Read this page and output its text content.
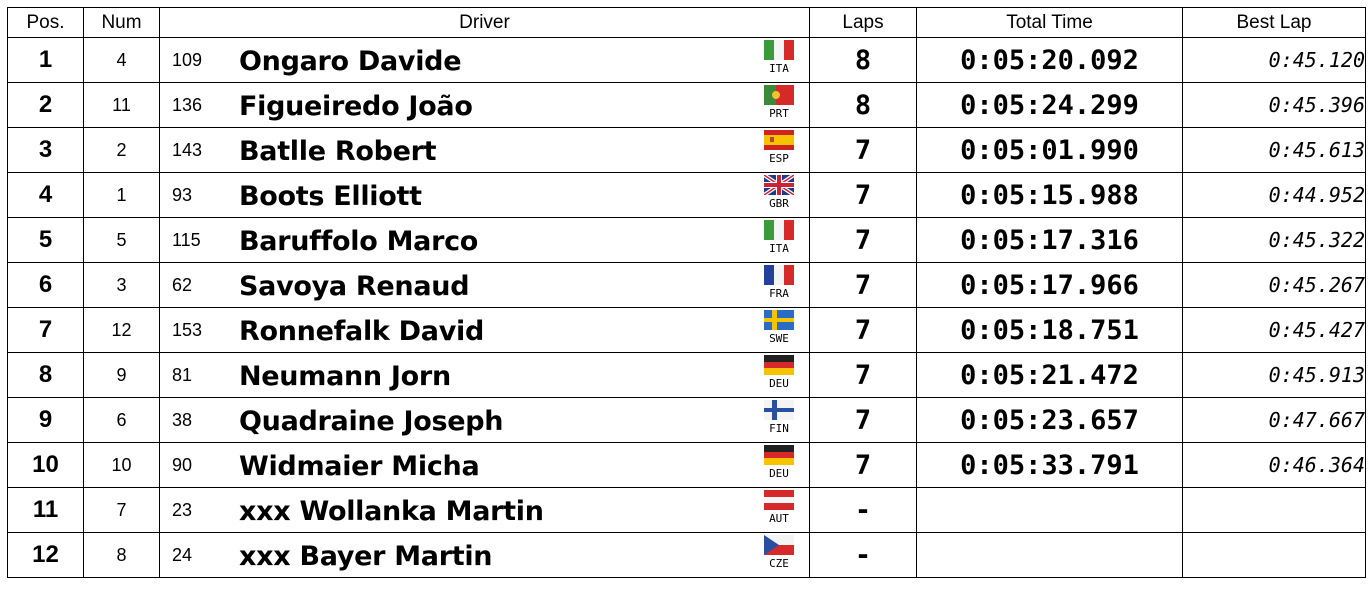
Pos.	Num	Driver	Laps	Total Time	Best Lap
1	4	109 Ongaro Davide ITA	8	0:05:20.092	0:45.120
2	11	136 Figueiredo João PRT	8	0:05:24.299	0:45.396
3	2	143 Batlle Robert ESP	7	0:05:01.990	0:45.613
4	1	93 Boots Elliott GBR	7	0:05:15.988	0:44.952
5	5	115 Baruffolo Marco ITA	7	0:05:17.316	0:45.322
6	3	62 Savoya Renaud FRA	7	0:05:17.966	0:45.267
7	12	153 Ronnefalk David SWE	7	0:05:18.751	0:45.427
8	9	81 Neumann Jorn DEU	7	0:05:21.472	0:45.913
9	6	38 Quadraine Joseph FIN	7	0:05:23.657	0:47.667
10	10	90 Widmaier Micha DEU	7	0:05:33.791	0:46.364
11	7	23 xxx Wollanka Martin AUT	-		
12	8	24 xxx Bayer Martin CZE	-		
